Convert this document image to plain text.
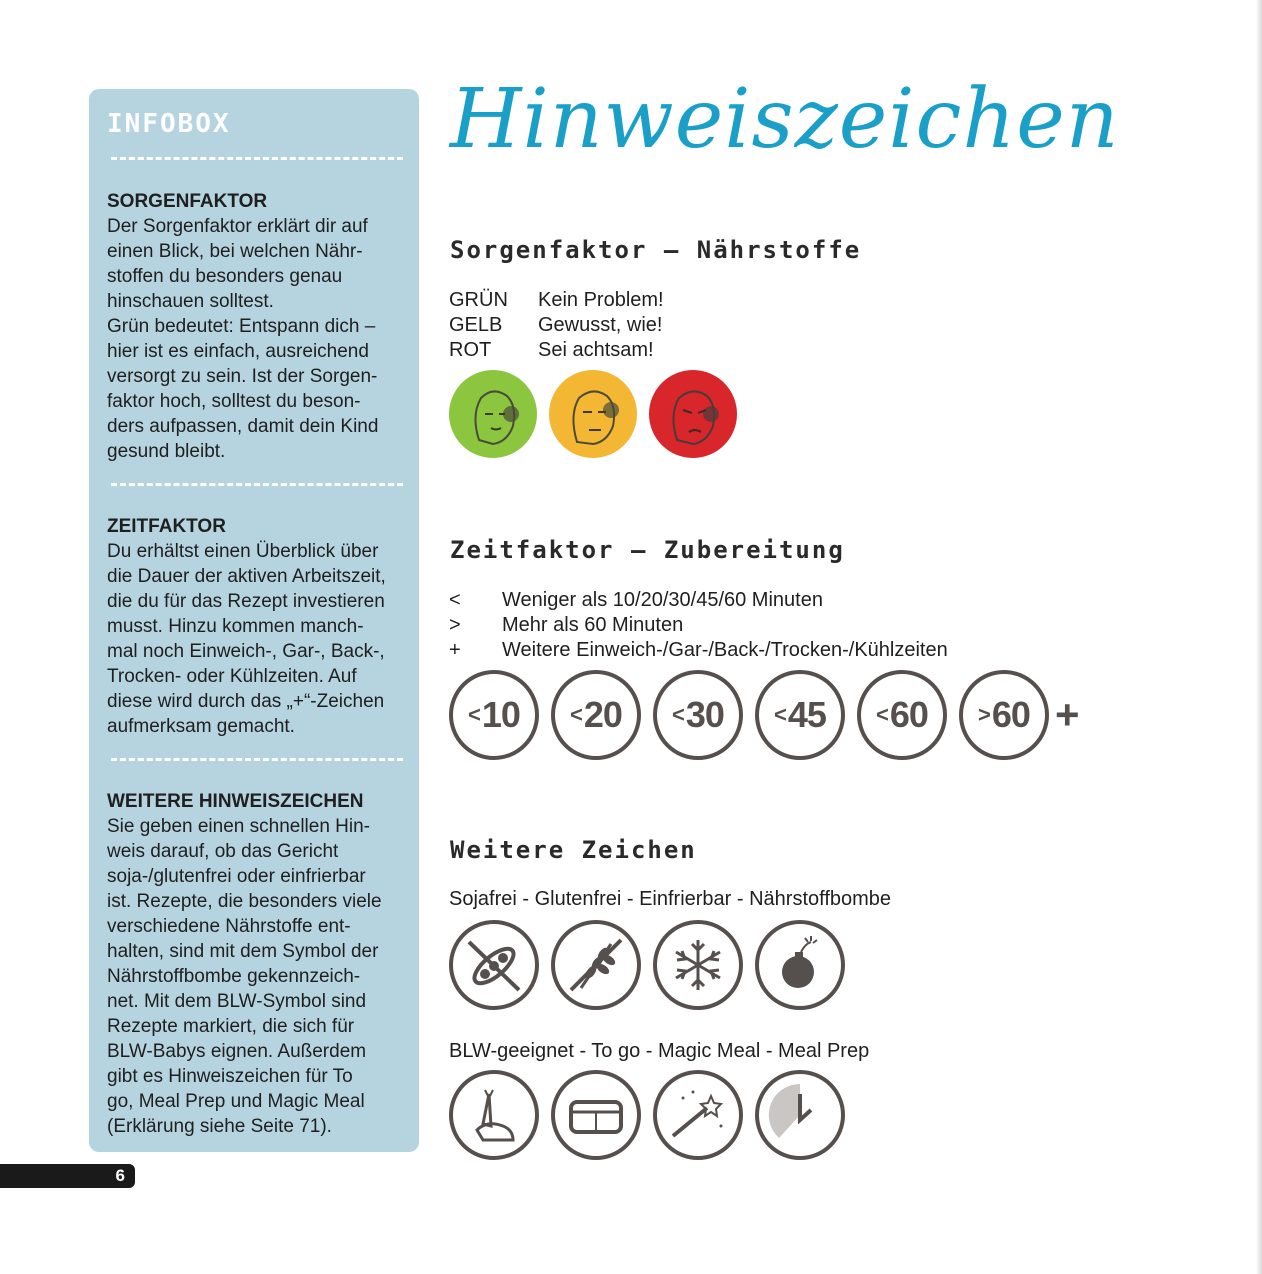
INFOBOX
SORGENFAKTOR

Der Sorgenfaktor erklärt dir auf
einen Blick, bei welchen Nähr-
stoffen du besonders genau
hinschauen solltest.
Grün bedeutet: Entspann dich –
hier ist es einfach, ausreichend
versorgt zu sein. Ist der Sorgen-
faktor hoch, solltest du beson-
ders aufpassen, damit dein Kind
gesund bleibt.

ZEITFAKTOR

Du erhältst einen Überblick über
die Dauer der aktiven Arbeitszeit,
die du für das Rezept investieren
musst. Hinzu kommen manch-
mal noch Einweich-, Gar-, Back-,
Trocken- oder Kühlzeiten. Auf
diese wird durch das „+“-Zeichen
aufmerksam gemacht.

WEITERE HINWEISZEICHEN

Sie geben einen schnellen Hin-
weis darauf, ob das Gericht
soja-/glutenfrei oder einfrierbar
ist. Rezepte, die besonders viele
verschiedene Nährstoffe ent-
halten, sind mit dem Symbol der
Nährstoffbombe gekennzeich-
net. Mit dem BLW-Symbol sind
Rezepte markiert, die sich für
BLW-Babys eignen. Außerdem
gibt es Hinweiszeichen für To
go, Meal Prep und Magic Meal
(Erklärung siehe Seite 71).

Hinweiszeichen
Sorgenfaktor – Nährstoffe
GRÜN	Kein Problem!
GELB	Gewusst, wie!
ROT	Sei achtsam!
Zeitfaktor – Zubereitung
<	Weniger als 10/20/30/45/60 Minuten
>	Mehr als 60 Minuten
+	Weitere Einweich-/Gar-/Back-/Trocken-/Kühlzeiten
< 10 < 20 < 30 < 45 < 60 > 60 +
Weitere Zeichen
Sojafrei - Glutenfrei - Einfrierbar - Nährstoffbombe
BLW-geeignet - To go - Magic Meal - Meal Prep
6
